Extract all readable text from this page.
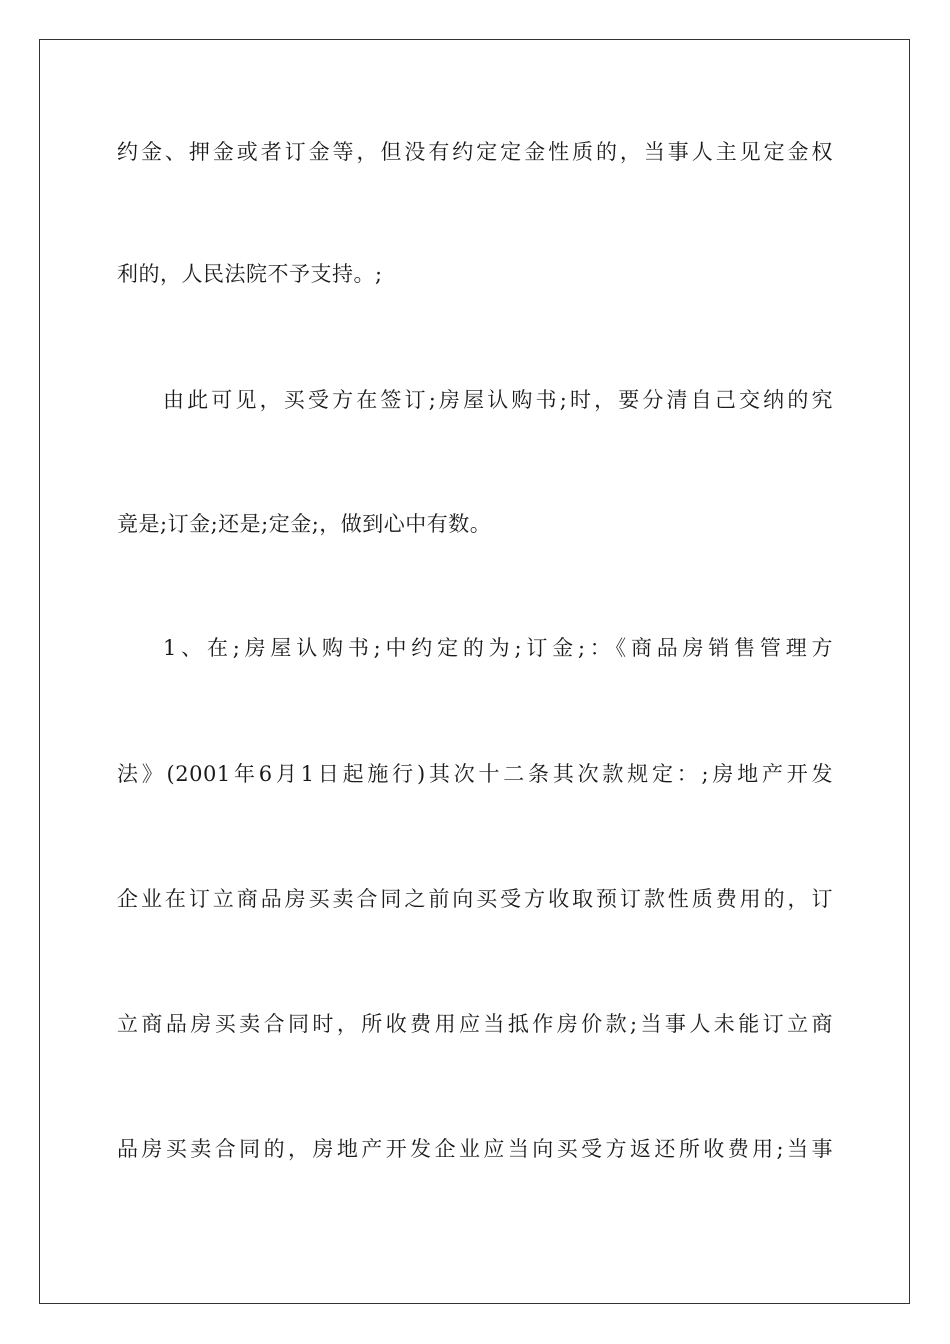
约金、押金或者订金等，但没有约定定金性质的，当事人主见定金权
利的，人民法院不予支持。;
由此可见，买受方在签订;房屋认购书;时，要分清自己交纳的究
竟是;订金;还是;定金;，做到心中有数。
1、在;房屋认购书;中约定的为;订金;：《商品房销售管理方
法》(2001年6月1日起施行)其次十二条其次款规定：;房地产开发
企业在订立商品房买卖合同之前向买受方收取预订款性质费用的，订
立商品房买卖合同时，所收费用应当抵作房价款;当事人未能订立商
品房买卖合同的，房地产开发企业应当向买受方返还所收费用;当事
